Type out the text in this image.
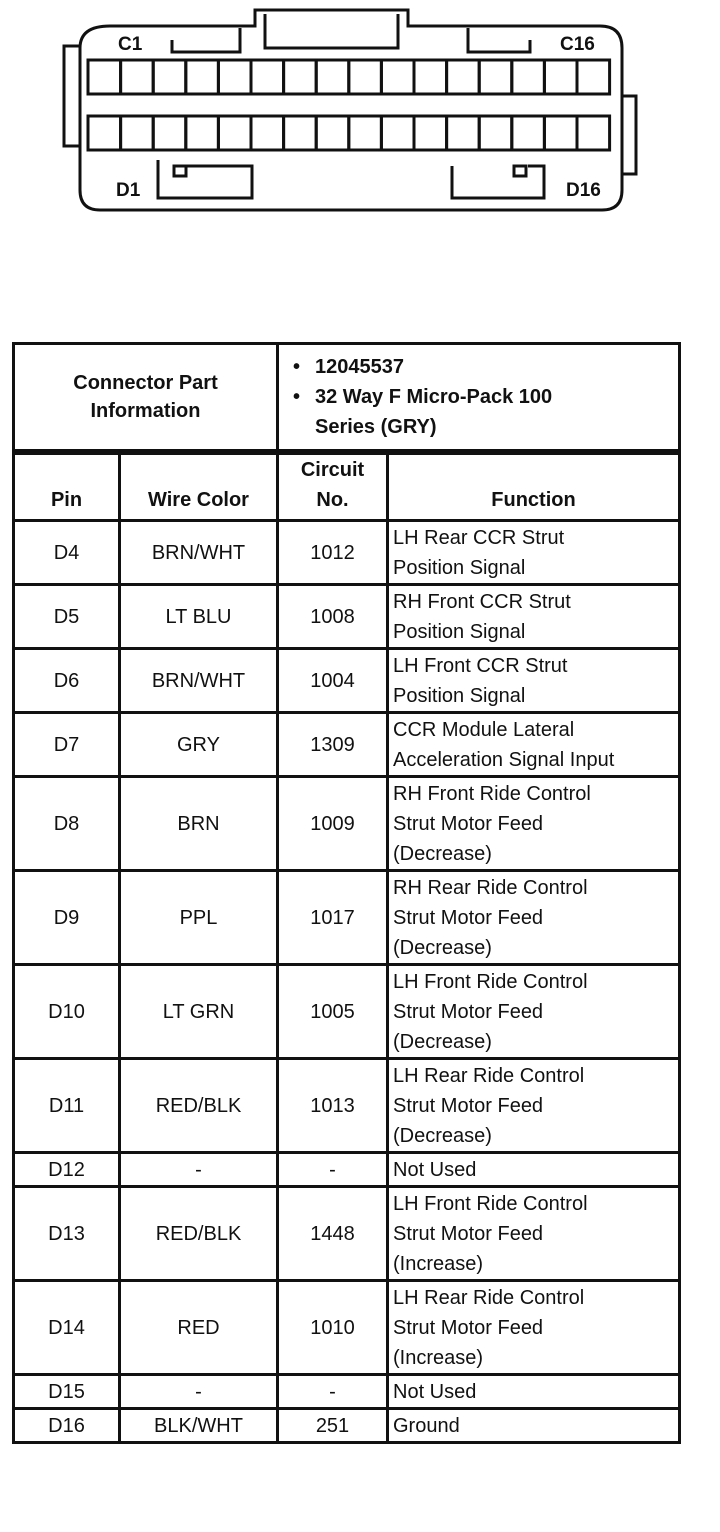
C1	C16
D1	D16
Connector Part
Information

• 12045537
• 32 Way F Micro-Pack 100
Series (GRY)
Pin	Wire Color	Circuit
No.	Function
D4	BRN/WHT	1012	LH Rear CCR Strut
Position Signal

D5	LT BLU	1008	RH Front CCR Strut
Position Signal

D6	BRN/WHT	1004	LH Front CCR Strut
Position Signal

D7	GRY	1309	CCR Module Lateral
Acceleration Signal Input

D8	BRN	1009	RH Front Ride Control
Strut Motor Feed
(Decrease)

D9	PPL	1017	RH Rear Ride Control
Strut Motor Feed
(Decrease)

D10	LT GRN	1005	LH Front Ride Control
Strut Motor Feed
(Decrease)

D11	RED/BLK	1013	LH Rear Ride Control
Strut Motor Feed
(Decrease)

D12	-	-	Not Used

D13	RED/BLK	1448	LH Front Ride Control
Strut Motor Feed
(Increase)

D14	RED	1010	LH Rear Ride Control
Strut Motor Feed
(Increase)

D15	-	-	Not Used

D16	BLK/WHT	251	Ground
